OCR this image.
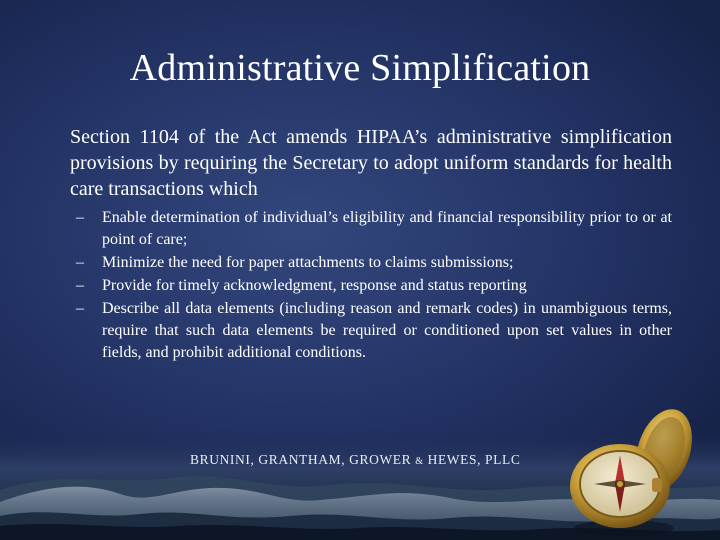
Administrative Simplification
Section 1104 of the Act amends HIPAA’s administrative simplification provisions by requiring the Secretary to adopt uniform standards for health care transactions which
– Enable determination of individual’s eligibility and financial responsibility prior to or at point of care;
– Minimize the need for paper attachments to claims submissions;
– Provide for timely acknowledgment, response and status reporting
– Describe all data elements (including reason and remark codes) in unambiguous terms, require that such data elements be required or conditioned upon set values in other fields, and prohibit additional conditions.
BRUNINI, GRANTHAM, GROWER & HEWES, PLLC
